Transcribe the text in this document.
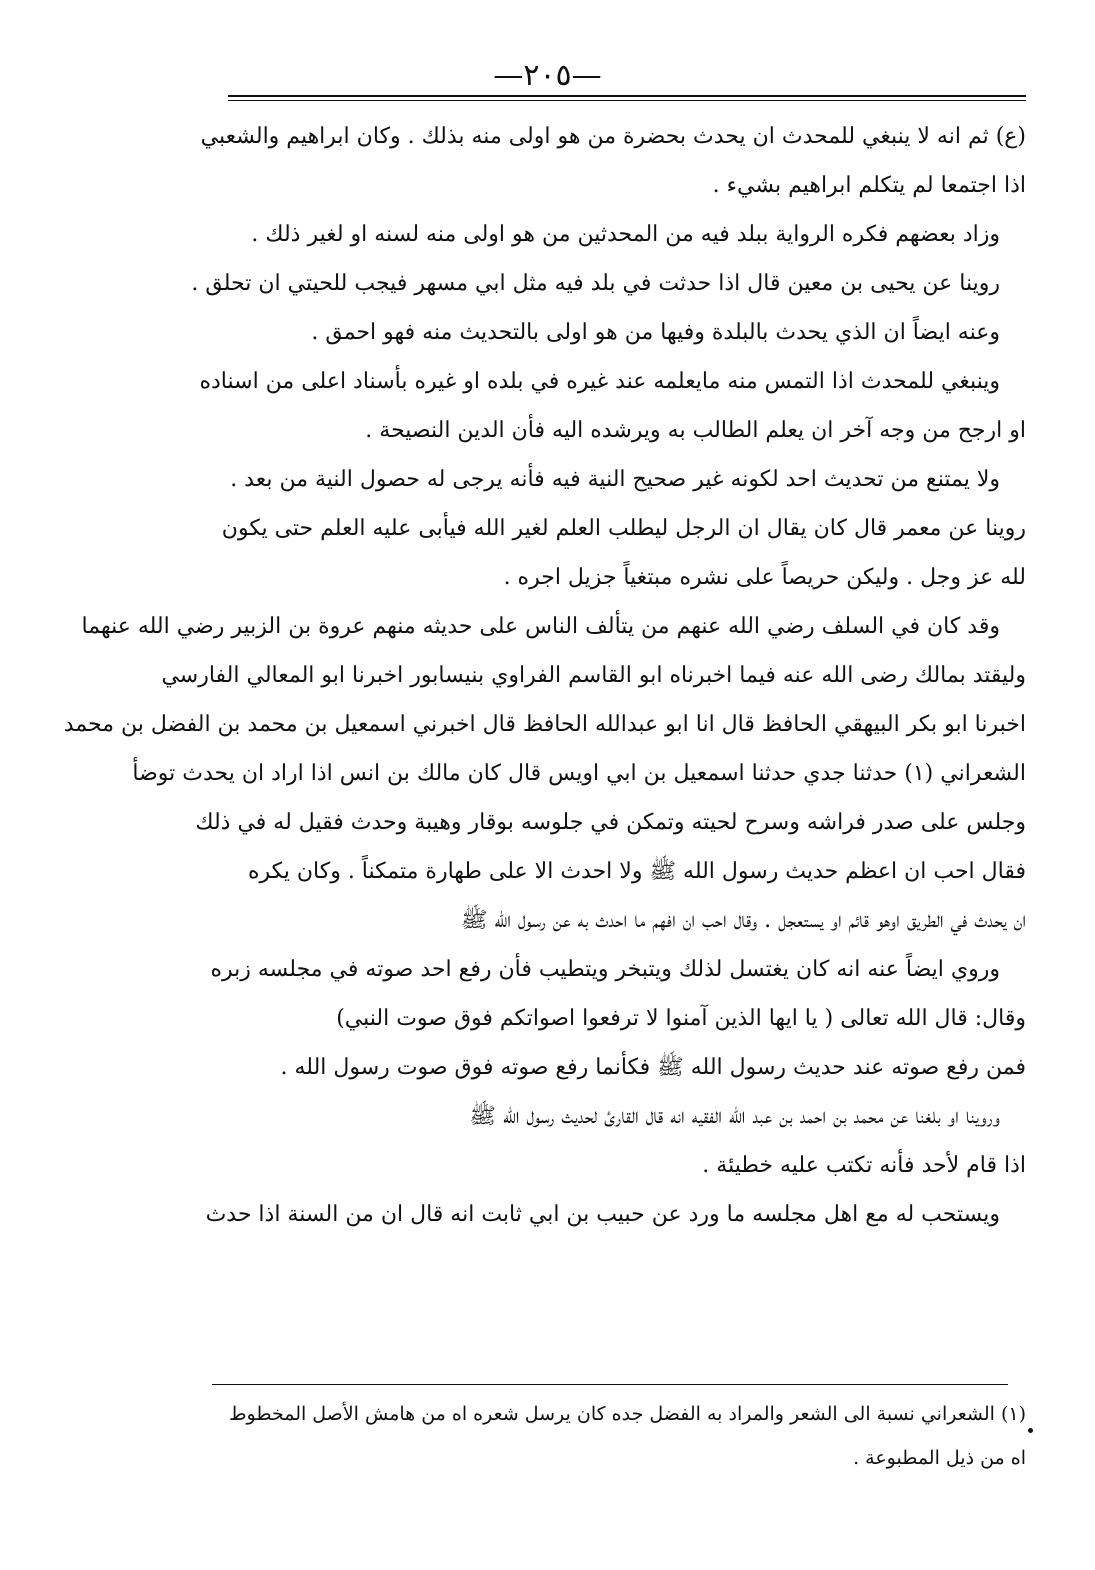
—٢٠٥—
(ع) ثم انه لا ينبغي للمحدث ان يحدث بحضرة من هو اولى منه بذلك . وكان ابراهيم والشعبي
اذا اجتمعا لم يتكلم ابراهيم بشيء .
وزاد بعضهم فكره الرواية ببلد فيه من المحدثين من هو اولى منه لسنه او لغير ذلك .
روينا عن يحيى بن معين قال اذا حدثت في بلد فيه مثل ابي مسهر فيجب للحيتي ان تحلق .
وعنه ايضاً ان الذي يحدث بالبلدة وفيها من هو اولى بالتحديث منه فهو احمق .
وينبغي للمحدث اذا التمس منه مايعلمه عند غيره في بلده او غيره بأسناد اعلى من اسناده
او ارجح من وجه آخر ان يعلم الطالب به ويرشده اليه فأن الدين النصيحة .
ولا يمتنع من تحديث احد لكونه غير صحيح النية فيه فأنه يرجى له حصول النية من بعد .
روينا عن معمر قال كان يقال ان الرجل ليطلب العلم لغير الله فيأبى عليه العلم حتى يكون
لله عز وجل . وليكن حريصاً على نشره مبتغياً جزيل اجره .
وقد كان في السلف رضي الله عنهم من يتألف الناس على حديثه منهم عروة بن الزبير رضي الله عنهما
وليقتد بمالك رضى الله عنه فيما اخبرناه ابو القاسم الفراوي بنيسابور اخبرنا ابو المعالي الفارسي
اخبرنا ابو بكر البيهقي الحافظ قال انا ابو عبدالله الحافظ قال اخبرني اسمعيل بن محمد بن الفضل بن محمد
الشعراني (١) حدثنا جدي حدثنا اسمعيل بن ابي اويس قال كان مالك بن انس اذا اراد ان يحدث توضأ
وجلس على صدر فراشه وسرح لحيته وتمكن في جلوسه بوقار وهيبة وحدث فقيل له في ذلك
فقال احب ان اعظم حديث رسول الله ﷺ ولا احدث الا على طهارة متمكناً . وكان يكره
ان يحدث في الطريق اوهو قائم او يستعجل . وقال احب ان افهم ما احدث به عن رسول الله ﷺ
وروي ايضاً عنه انه كان يغتسل لذلك ويتبخر ويتطيب فأن رفع احد صوته في مجلسه زبره
وقال: قال الله تعالى ( يا ايها الذين آمنوا لا ترفعوا اصواتكم فوق صوت النبي)
فمن رفع صوته عند حديث رسول الله ﷺ فكأنما رفع صوته فوق صوت رسول الله .
وروينا او بلغنا عن محمد بن احمد بن عبد الله الفقيه انه قال القارئ لحديث رسول الله ﷺ
اذا قام لأحد فأنه تكتب عليه خطيئة .
ويستحب له مع اهل مجلسه ما ورد عن حبيب بن ابي ثابت انه قال ان من السنة اذا حدث
(١) الشعراني نسبة الى الشعر والمراد به الفضل جده كان يرسل شعره اه من هامش الأصل المخطوط
اه من ذيل المطبوعة .
